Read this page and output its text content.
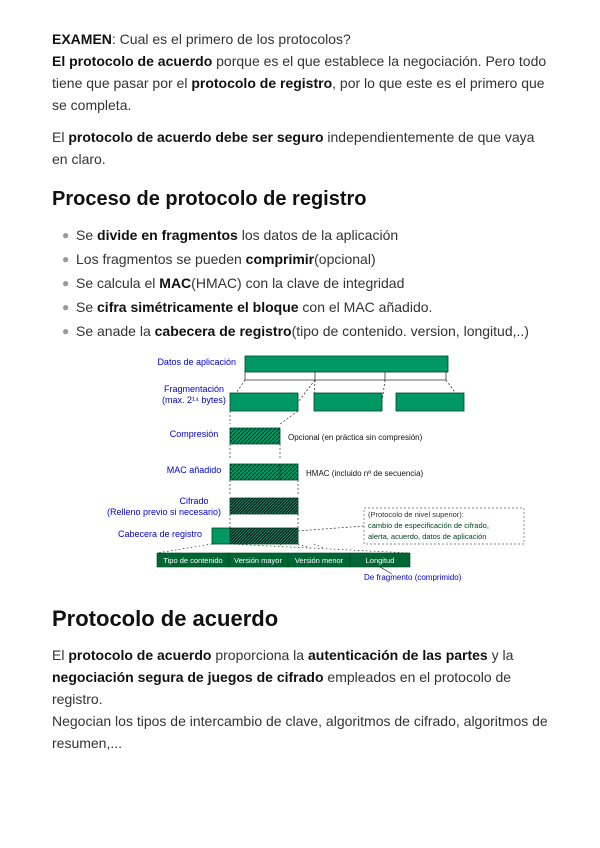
EXAMEN: Cual es el primero de los protocolos?
El protocolo de acuerdo porque es el que establece la negociación. Pero todo tiene que pasar por el protocolo de registro, por lo que este es el primero que se completa.

El protocolo de acuerdo debe ser seguro independientemente de que vaya en claro.

Proceso de protocolo de registro
● Se divide en fragmentos los datos de la aplicación
● Los fragmentos se pueden comprimir(opcional)
● Se calcula el MAC(HMAC) con la clave de integridad
● Se cifra simétricamente el bloque con el MAC añadido.
● Se anade la cabecera de registro(tipo de contenido. version, longitud,..)
Datos de aplicación
Fragmentación
(max. 2¹⁴ bytes)
Compresión	Opcional (en práctica sin compresión)
MAC añadido	HMAC (incluido nº de secuencia)
Cifrado
(Relleno previo si necesario)
Cabecera de registro
(Protocolo de nivel superior):
cambio de especificación de cifrado,
alerta, acuerdo, datos de aplicación
Tipo de contenido Versión mayor Versión menor	Longitud
De fragmento (comprimido)
Protocolo de acuerdo

El protocolo de acuerdo proporciona la autenticación de las partes y la negociación segura de juegos de cifrado empleados en el protocolo de registro.

Negocian los tipos de intercambio de clave, algoritmos de cifrado, algoritmos de resumen,...
